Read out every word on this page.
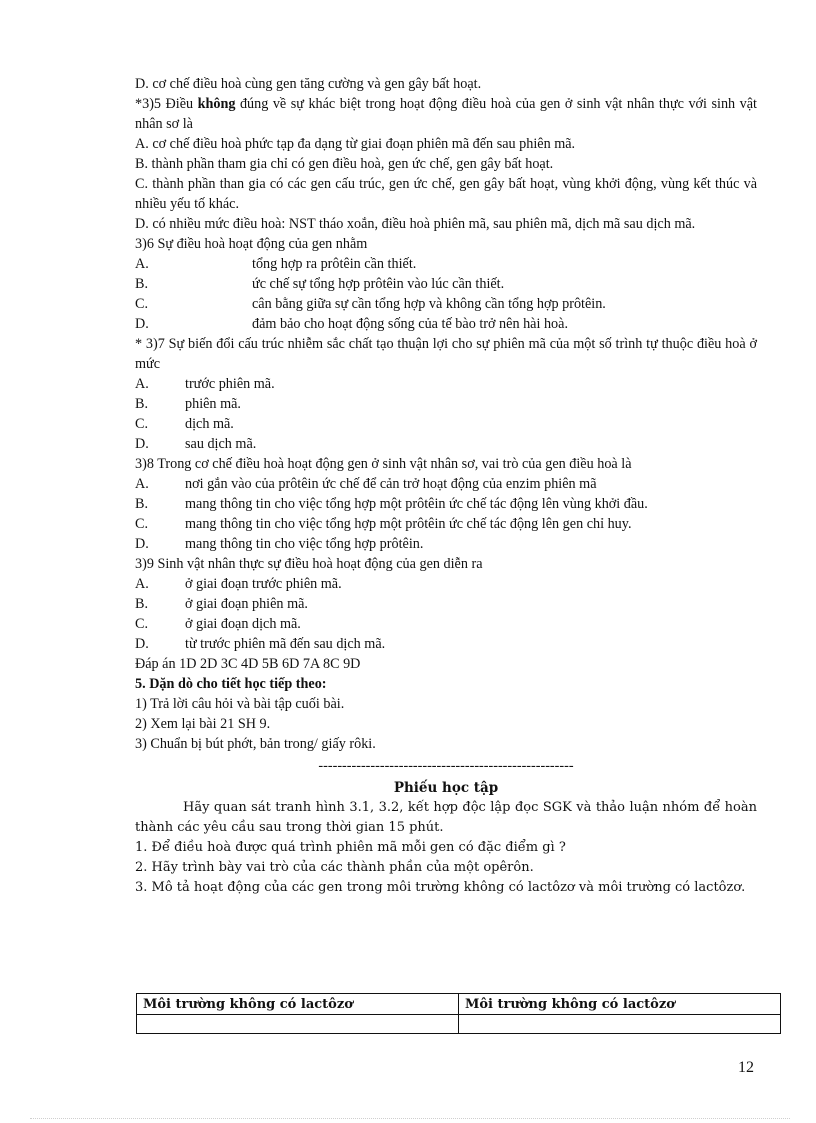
D. cơ chế điều hoà cùng gen tăng cường và gen gây bất hoạt.
*3)5 Điều không đúng về sự khác biệt trong hoạt động điều hoà của gen ở sinh vật nhân thực với sinh vật nhân sơ là
A. cơ chế điều hoà phức tạp đa dạng từ giai đoạn phiên mã đến sau phiên mã.
B. thành phần tham gia chỉ có gen điều hoà, gen ức chế, gen gây bất hoạt.
C. thành phần than gia có các gen cấu trúc, gen ức chế, gen gây bất hoạt, vùng khởi động, vùng kết thúc và nhiều yếu tố khác.
D. có nhiều mức điều hoà: NST tháo xoắn, điều hoà phiên mã, sau phiên mã, dịch mã sau dịch mã.
3)6 Sự điều hoà hoạt động của gen nhằm
A.	tổng hợp ra prôtêin cần thiết.
B.	ức chế sự tổng hợp prôtêin vào lúc cần thiết.
C.	cân bằng giữa sự cần tổng hợp và không cần tổng hợp prôtêin.
D.	đảm bảo cho hoạt động sống của tế bào trở nên hài hoà.
* 3)7 Sự biến đổi cấu trúc nhiễm sắc chất tạo thuận lợi cho sự phiên mã của một số trình tự thuộc điều hoà ở mức
A.	trước phiên mã.
B.	phiên mã.
C.	dịch mã.
D.	sau dịch mã.
3)8 Trong cơ chế điều hoà hoạt động gen ở sinh vật nhân sơ, vai trò của gen điều hoà là
A.	nơi gắn vào của prôtêin ức chế để cản trở hoạt động của enzim phiên mã
B.	mang thông tin cho việc tổng hợp một prôtêin ức chế tác động lên vùng khởi đầu.
C.	mang thông tin cho việc tổng hợp một prôtêin ức chế tác động lên gen chỉ huy.
D.	mang thông tin cho việc tổng hợp prôtêin.
3)9 Sinh vật nhân thực sự điều hoà hoạt động của gen diễn ra
A.	ở giai đoạn trước phiên mã.
B.	ở giai đoạn phiên mã.
C.	ở giai đoạn dịch mã.
D.	từ trước phiên mã đến sau dịch mã.
Đáp án 1D 2D 3C 4D 5B 6D 7A 8C 9D
5. Dặn dò cho tiết học tiếp theo:
1) Trả lời câu hỏi và bài tập cuối bài.
2) Xem lại bài 21 SH 9.
3) Chuẩn bị bút phớt, bản trong/ giấy rôki.
------------------------------------------------------
Phiếu học tập
Hãy quan sát tranh hình 3.1, 3.2, kết hợp độc lập đọc SGK và thảo luận nhóm để hoàn thành các yêu cầu sau trong thời gian 15 phút.
1. Để điều hoà được quá trình phiên mã mỗi gen có đặc điểm gì ?
2. Hãy trình bày vai trò của các thành phần của một opêrôn.
3. Mô tả hoạt động của các gen trong môi trường không có lactôzơ và môi trường có lactôzơ.
Môi trường không có lactôzơ	Môi trường không có lactôzơ

12
